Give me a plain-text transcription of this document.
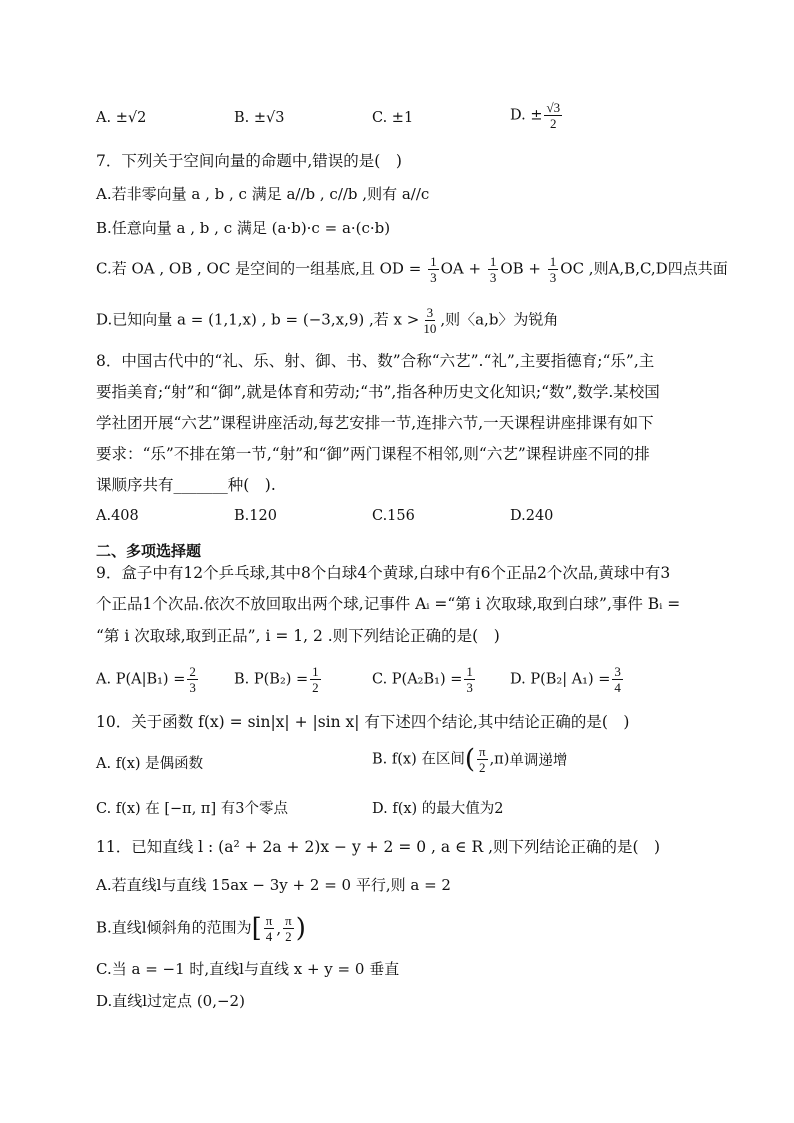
A. ±√2	B. ±√3	C. ±1	D. ± $\frac{√3}{2}$
7．下列关于空间向量的命题中,错误的是(　)
A.若非零向量 a , b , c 满足 a//b , c//b ,则有 a//c
B.任意向量 a , b , c 满足 (a·b)·c = a·(c·b)
C.若 OA , OB , OC 是空间的一组基底,且 OD = $\frac{1}{3}$ OA + $\frac{1}{3}$ OB + $\frac{1}{3}$ OC ,则A,B,C,D四点共面
D.已知向量 a = (1,1,x) , b = (−3,x,9) ,若 $x > \frac{3}{10}$ ,则〈a,b〉为锐角
8．中国古代中的“礼、乐、射、御、书、数”合称“六艺”.“礼”,主要指德育;“乐”,主
要指美育;“射”和“御”,就是体育和劳动;“书”,指各种历史文化知识;“数”,数学.某校国
学社团开展“六艺”课程讲座活动,每艺安排一节,连排六节,一天课程讲座排课有如下
要求：“乐”不排在第一节,“射”和“御”两门课程不相邻,则“六艺”课程讲座不同的排
课顺序共有_______种(　).
A.408	B.120	C.156	D.240
二、多项选择题
9．盒子中有12个乒乓球,其中8个白球4个黄球,白球中有6个正品2个次品,黄球中有3
个正品1个次品.依次不放回取出两个球,记事件 Aᵢ =“第 i 次取球,取到白球”,事件 Bᵢ =
“第 i 次取球,取到正品”, i = 1, 2 .则下列结论正确的是(　)
A. $P(A|B_1) = \frac{2}{3} B$. $P(B_2) = \frac{1}{2}$	C. $P(A_2B_1) = \frac{1}{3} D$. P(B₂| $A_1) = \frac{3}{4}$
10．关于函数 f(x) = sin|x| + |sin x| 有下述四个结论,其中结论正确的是(　)
A. f(x) 是偶函数	B. f(x) 在区间( $\frac{\pi}{2} ,\pi$)单调递增
C. f(x) 在 [−π, π] 有3个零点	D. f(x) 的最大值为2
11．已知直线 l : (a² + 2a + 2)x − y + 2 = 0 , a ∈ R ,则下列结论正确的是(　)
A.若直线l与直线 15ax − 3y + 2 = 0 平行,则 a = 2
B.直线l倾斜角的范围为[ $\frac{\pi}{4}$ , $\frac{\pi}{2}$ )
C.当 a = −1 时,直线l与直线 x + y = 0 垂直
D.直线l过定点 (0,−2)
